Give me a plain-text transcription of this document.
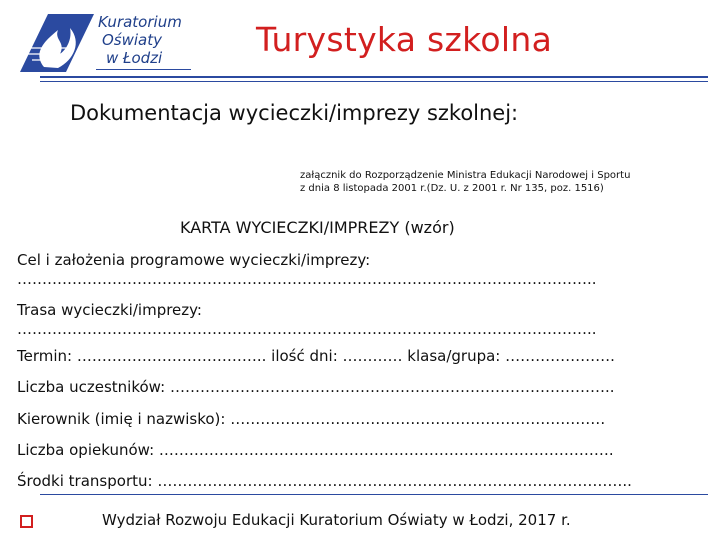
Kuratorium
Oświaty
w Łodzi	Turystyka szkolna
Dokumentacja wycieczki/imprezy szkolnej:
załącznik do Rozporządzenie Ministra Edukacji Narodowej i Sportu
z dnia 8 listopada 2001 r.(Dz. U. z 2001 r. Nr 135, poz. 1516)
KARTA WYCIECZKI/IMPREZY (wzór)
Cel i założenia programowe wycieczki/imprezy:
……………………………………………………………………………………………………..
Trasa wycieczki/imprezy:
……………………………………………………………………………………………………..
Termin: ……………………………….. ilość dni: ………… klasa/grupa: ………………….
Liczba uczestników: ……………………………………………………………………………..
Kierownik (imię i nazwisko): …………………………………………………………………
Liczba opiekunów: ……………………………………………………………………………….
Środki transportu: …………………………………………………………………………………..
Wydział Rozwoju Edukacji Kuratorium Oświaty w Łodzi, 2017 r.
